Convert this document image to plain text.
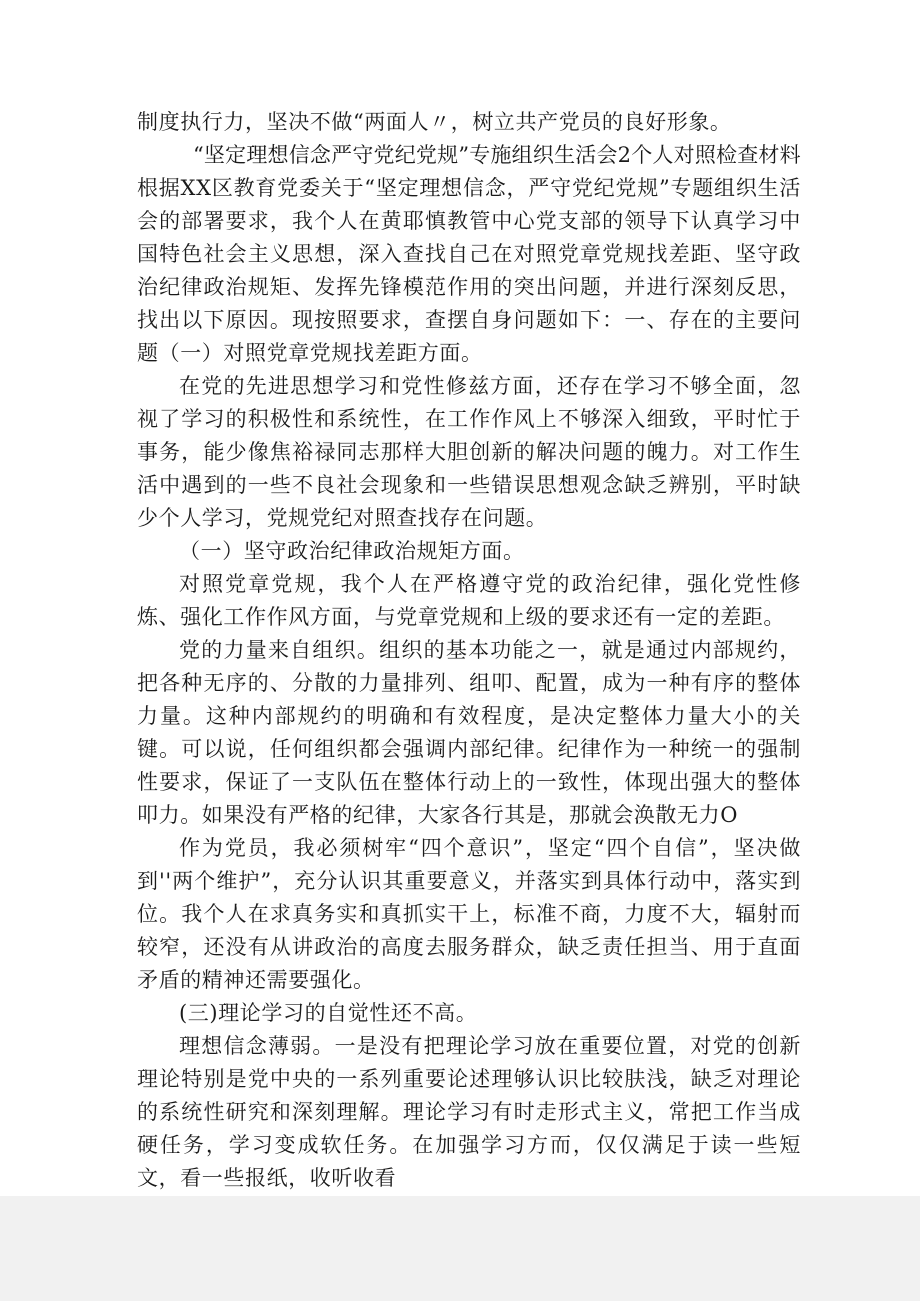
制度执行力，坚决不做“两面人〃，树立共产党员的良好形象。

“坚定理想信念严守党纪党规”专施组织生活会2个人对照检查材料

根据XX区教育党委关于“坚定理想信念，严守党纪党规”专题组织生活会的部署要求，我个人在黄耶慎教管中心党支部的领导下认真学习中国特色社会主义思想，深入查找自己在对照党章党规找差距、坚守政治纪律政治规矩、发挥先锋模范作用的突出问题，并进行深刻反思，找出以下原因。现按照要求，查摆自身问题如下：一、存在的主要问题（一）对照党章党规找差距方面。

在党的先进思想学习和党性修兹方面，还存在学习不够全面，忽视了学习的积极性和系统性，在工作作风上不够深入细致，平时忙于事务，能少像焦裕禄同志那样大胆创新的解决问题的魄力。对工作生活中遇到的一些不良社会现象和一些错误思想观念缺乏辨别，平时缺少个人学习，党规党纪对照查找存在问题。

（一）坚守政治纪律政治规矩方面。

对照党章党规，我个人在严格遵守党的政治纪律，强化党性修炼、强化工作作风方面，与党章党规和上级的要求还有一定的差距。

党的力量来自组织。组织的基本功能之一，就是通过内部规约，把各种无序的、分散的力量排列、组叩、配置，成为一种有序的整体力量。这种内部规约的明确和有效程度，是决定整体力量大小的关键。可以说，任何组织都会强调内部纪律。纪律作为一种统一的强制性要求，保证了一支队伍在整体行动上的一致性，体现出强大的整体叩力。如果没有严格的纪律，大家各行其是，那就会涣散无力O

作为党员，我必须树牢“四个意识”，坚定“四个自信”，坚决做到''两个维护”，充分认识其重要意义，并落实到具体行动中，落实到位。我个人在求真务实和真抓实干上，标准不商，力度不大，辐射而较窄，还没有从讲政治的高度去服务群众，缺乏责任担当、用于直面矛盾的精神还需要强化。

(三)理论学习的自觉性还不高。

理想信念薄弱。一是没有把理论学习放在重要位置，对党的创新理论特别是党中央的一系列重要论述理够认识比较肤浅，缺乏对理论的系统性研究和深刻理解。理论学习有时走形式主义，常把工作当成硬任务，学习变成软任务。在加强学习方而，仅仅满足于读一些短文，看一些报纸，收听收看
